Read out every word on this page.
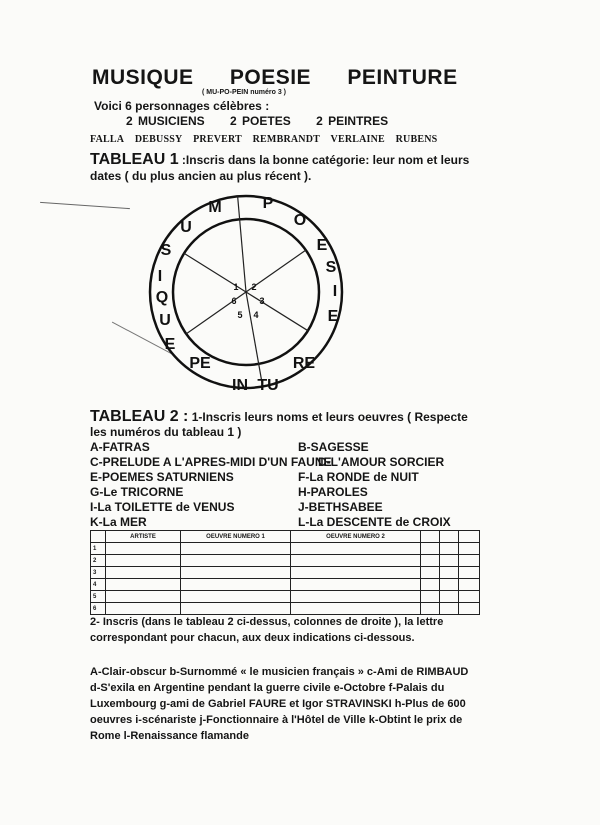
MUSIQUE POESIE PEINTURE
( MU-PO-PEIN numéro 3 )
Voici 6 personnages célèbres :
2 MUSICIENS 2 POETES 2 PEINTRES
FALLA DEBUSSY PREVERT REMBRANDT VERLAINE RUBENS
TABLEAU 1 :Inscris dans la bonne catégorie: leur nom et leurs dates ( du plus ancien au plus récent ).
M
U
S
I
Q
U
E
P
O
E
S
I
E
PE
IN TU
RE
1 2
3
4
5
6
TABLEAU 2 : 1-Inscris leurs noms et leurs oeuvres ( Respecte les numéros du tableau 1 )
A-FATRAS	B-SAGESSE
C-PRELUDE A L'APRES-MIDI D'UN FAUNE
D-L'AMOUR SORCIER
E-POEMES SATURNIENS	F-La RONDE de NUIT
G-Le TRICORNE	H-PAROLES
I-La TOILETTE de VENUS	J-BETHSABEE
K-La MER	L-La DESCENTE de CROIX
	ARTISTE	OEUVRE NUMERO 1	OEUVRE NUMERO 2			
1						
2						
3						
4						
5						
6						
2- Inscris (dans le tableau 2 ci-dessus, colonnes de droite ), la lettre correspondant pour chacun, aux deux indications ci-dessous.
A-Clair-obscur b-Surnommé « le musicien français » c-Ami de RIMBAUD d-S'exila en Argentine pendant la guerre civile e-Octobre f-Palais du Luxembourg g-ami de Gabriel FAURE et Igor STRAVINSKI h-Plus de 600 oeuvres i-scénariste j-Fonctionnaire à l'Hôtel de Ville k-Obtint le prix de Rome l-Renaissance flamande
